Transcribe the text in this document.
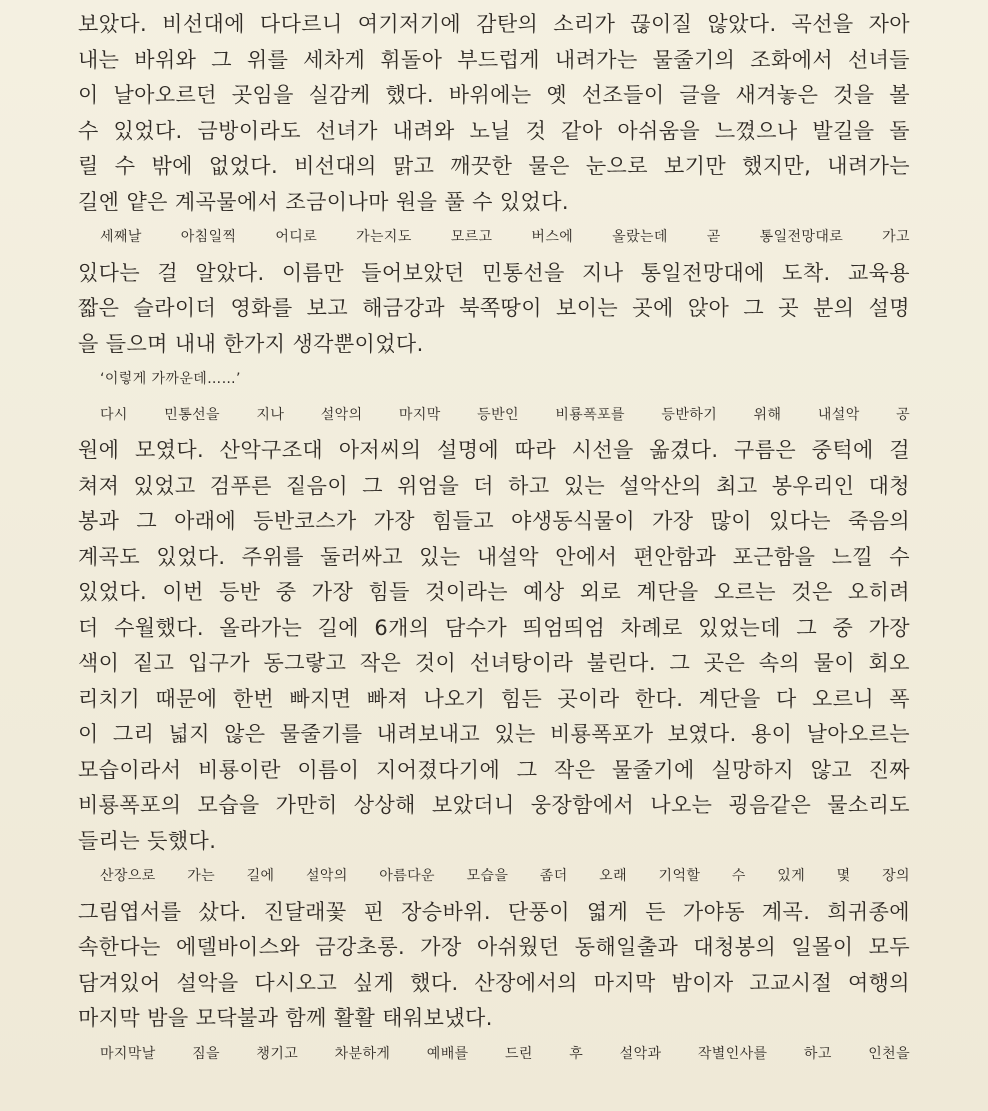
보았다. 비선대에 다다르니 여기저기에 감탄의 소리가 끊이질 않았다. 곡선을 자아
내는 바위와 그 위를 세차게 휘돌아 부드럽게 내려가는 물줄기의 조화에서 선녀들
이 날아오르던 곳임을 실감케 했다. 바위에는 옛 선조들이 글을 새겨놓은 것을 볼
수 있었다. 금방이라도 선녀가 내려와 노닐 것 같아 아쉬움을 느꼈으나 발길을 돌
릴 수 밖에 없었다. 비선대의 맑고 깨끗한 물은 눈으로 보기만 했지만, 내려가는
길엔 얕은 계곡물에서 조금이나마 원을 풀 수 있었다.
세째날 아침일찍 어디로 가는지도 모르고 버스에 올랐는데 곧 통일전망대로 가고
있다는 걸 알았다. 이름만 들어보았던 민통선을 지나 통일전망대에 도착. 교육용
짧은 슬라이더 영화를 보고 해금강과 북쪽땅이 보이는 곳에 앉아 그 곳 분의 설명
을 들으며 내내 한가지 생각뿐이었다.
‘이렇게 가까운데……’
다시 민통선을 지나 설악의 마지막 등반인 비룡폭포를 등반하기 위해 내설악 공
원에 모였다. 산악구조대 아저씨의 설명에 따라 시선을 옮겼다. 구름은 중턱에 걸
쳐져 있었고 검푸른 짙음이 그 위엄을 더 하고 있는 설악산의 최고 봉우리인 대청
봉과 그 아래에 등반코스가 가장 힘들고 야생동식물이 가장 많이 있다는 죽음의
계곡도 있었다. 주위를 둘러싸고 있는 내설악 안에서 편안함과 포근함을 느낄 수
있었다. 이번 등반 중 가장 힘들 것이라는 예상 외로 계단을 오르는 것은 오히려
더 수월했다. 올라가는 길에 6개의 담수가 띄엄띄엄 차례로 있었는데 그 중 가장
색이 짙고 입구가 동그랗고 작은 것이 선녀탕이라 불린다. 그 곳은 속의 물이 회오
리치기 때문에 한번 빠지면 빠져 나오기 힘든 곳이라 한다. 계단을 다 오르니 폭
이 그리 넓지 않은 물줄기를 내려보내고 있는 비룡폭포가 보였다. 용이 날아오르는
모습이라서 비룡이란 이름이 지어졌다기에 그 작은 물줄기에 실망하지 않고 진짜
비룡폭포의 모습을 가만히 상상해 보았더니 웅장함에서 나오는 굉음같은 물소리도
들리는 듯했다.
산장으로 가는 길에 설악의 아름다운 모습을 좀더 오래 기억할 수 있게 몇 장의
그림엽서를 샀다. 진달래꽃 핀 장승바위. 단풍이 엷게 든 가야동 계곡. 희귀종에
속한다는 에델바이스와 금강초롱. 가장 아쉬웠던 동해일출과 대청봉의 일몰이 모두
담겨있어 설악을 다시오고 싶게 했다. 산장에서의 마지막 밤이자 고교시절 여행의
마지막 밤을 모닥불과 함께 활활 태워보냈다.
마지막날 짐을 챙기고 차분하게 예배를 드린 후 설악과 작별인사를 하고 인천을
